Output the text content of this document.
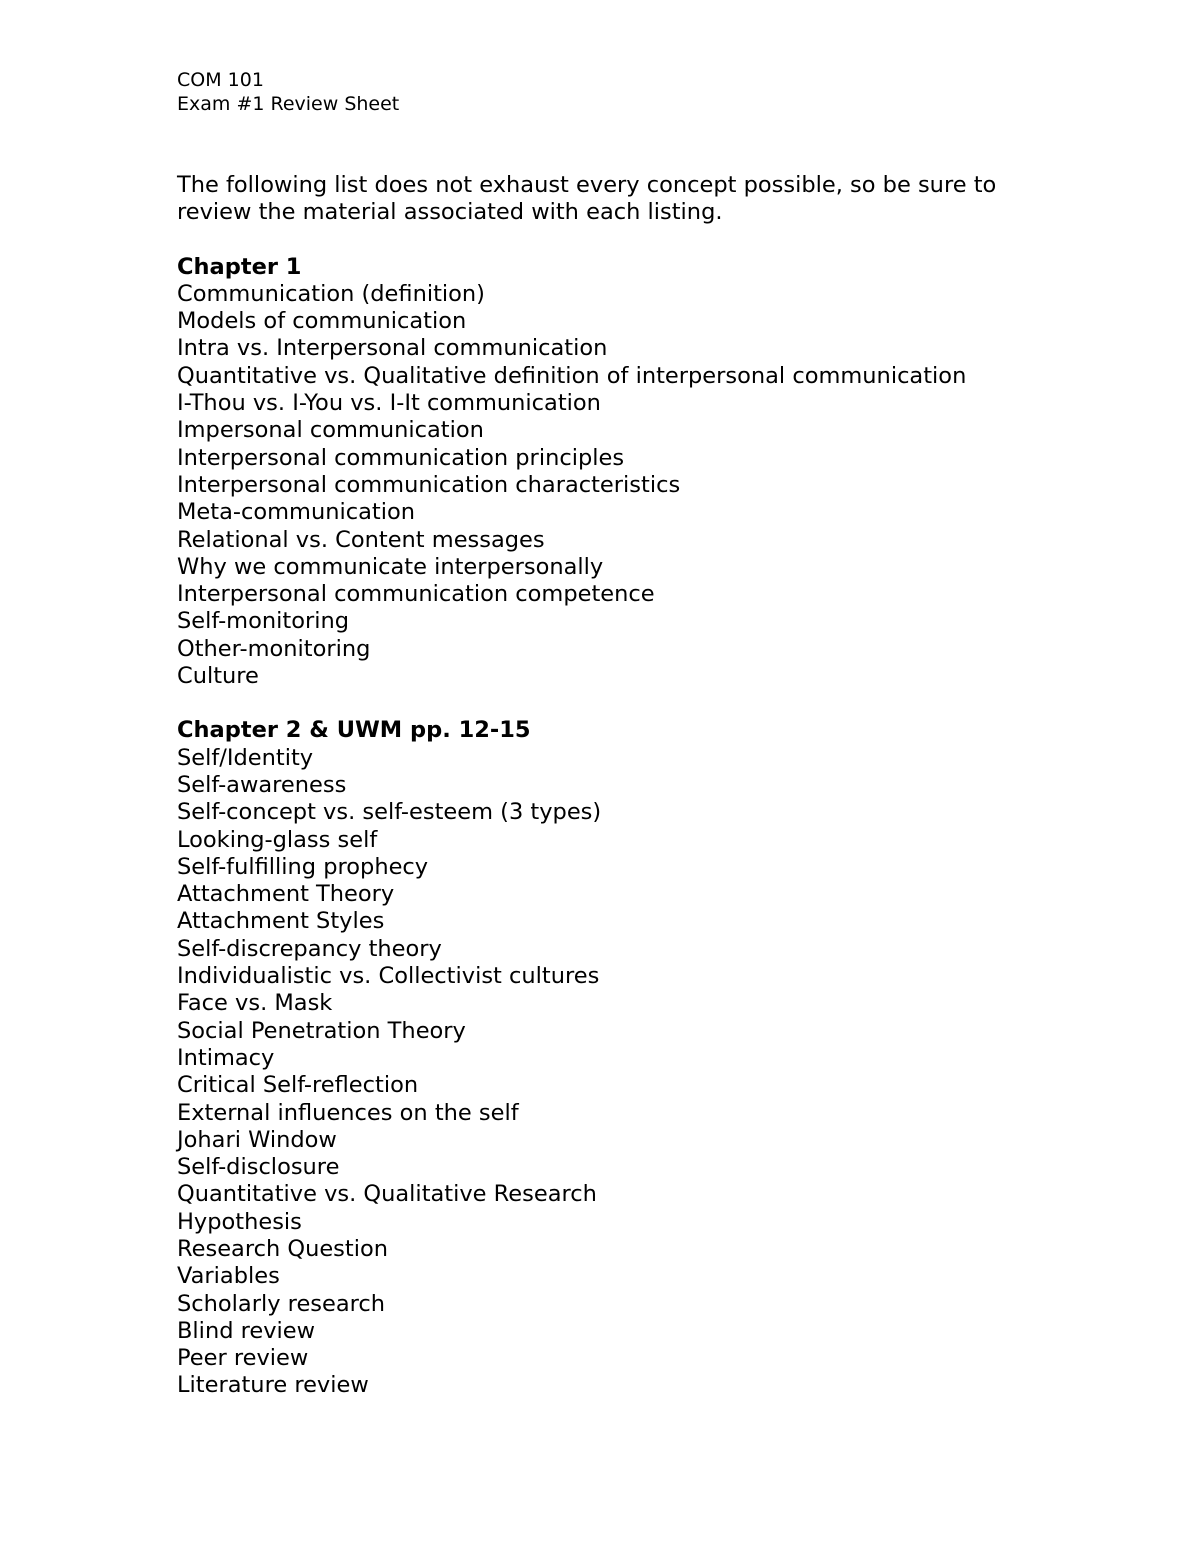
COM 101
Exam #1 Review Sheet
The following list does not exhaust every concept possible, so be sure to review the material associated with each listing.
Chapter 1
Communication (definition)
Models of communication
Intra vs. Interpersonal communication
Quantitative vs. Qualitative definition of interpersonal communication
I-Thou vs. I-You vs. I-It communication
Impersonal communication
Interpersonal communication principles
Interpersonal communication characteristics
Meta-communication
Relational vs. Content messages
Why we communicate interpersonally
Interpersonal communication competence
Self-monitoring
Other-monitoring
Culture
Chapter 2 & UWM pp. 12-15
Self/Identity
Self-awareness
Self-concept vs. self-esteem (3 types)
Looking-glass self
Self-fulfilling prophecy
Attachment Theory
Attachment Styles
Self-discrepancy theory
Individualistic vs. Collectivist cultures
Face vs. Mask
Social Penetration Theory
Intimacy
Critical Self-reflection
External influences on the self
Johari Window
Self-disclosure
Quantitative vs. Qualitative Research
Hypothesis
Research Question
Variables
Scholarly research
Blind review
Peer review
Literature review
